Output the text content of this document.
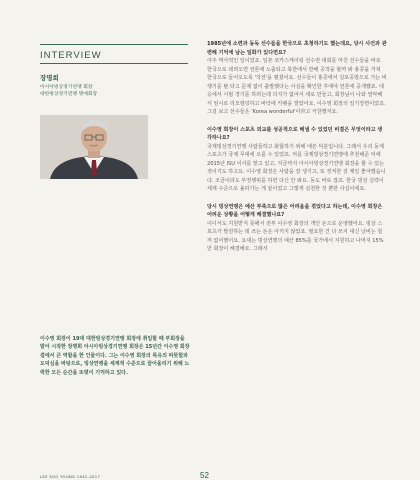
INTERVIEW
장명희
아시아빙상경기연맹 회장
대한빙상경기연맹 명예회장
이수영 회장이 19대 대한빙상경기연맹 회장에 취임할 때 부회장을 맡아 시작한 장명희 아시아빙상경기연맹 회장은 15년간 이수영 회장 곁에서 큰 역할을 한 인물이다. 그는 이수영 회장의 특유의 따뜻함과 도덕심을 바탕으로, 빙상연맹을 세계적 수준으로 끌어올리기 위해 노력한 모든 순간을 또렷이 기억하고 있다.
1985년에 소련과 동독 선수들을 한국으로 초청하기도 했는데요, 당시 사건과 관련해 기억에 남는 일화가 있다면요?
아주 역사적인 일이었죠. 일본 코카스케이팅 선수권 대회를 마친 선수들을 바로 한국으로 데려오면 언론에 노출되고 북한에서 반해 공작을 할까 봐 홍콩을 거쳐 한국으로 들어오도록 '작전'을 펼쳤어요. 선수들이 홍콩에서 김포공항으로 가는 비행기를 탈 타고 문제 없이 출발했다는 사실을 확인한 후에야 언론에 공개했죠. 대응에서 시범 경기를 하려는데 의지가 없어서 새로 만들고, 회장님이 나와 열악해서 임시로 리모델링하고 바닥에 카펫을 깔았어요. 이수영 회장의 일기장면이었죠. 그걸 보고 선수들은 'Korea wonderful'이라고 극찬했지요.
이수영 회장이 스포츠 외교를 성공적으로 해낼 수 있었던 비결은 무엇이라고 생각하나요?
국제빙상경기연맹 사람들하고 화합하기 위해 애쓴 덕분입니다. 그래서 우리 동계스포츠가 국제 무대에 오를 수 있었죠. 저를 국제빙상경기연맹에 추천해준 덕에 2015년 ISU 이사를 맡고 있고, 지금까지 아시아빙상경기연맹 회장을 할 수 있는 것이기도 하고요. 이수영 회장은 사람을 잘 생기고, 또 정직한 걸 제일 좋아했습니다. 조금이라도 부정행위를 하면 다신 안 봐요. 동도 바로 잡죠. 한국 빙상 실력이 세계 수준으로 올라가는 게 끝이었고 그렇게 실천한 것 뿐한 사실이에요.
당시 빙상연맹은 예산 부족으로 많은 어려움을 겪었다고 하는데, 이수영 회장은 어려운 상황을 어떻게 해결했나요?
이디서도 지원받지 못해서 전부 이수영 회장의 개인 돈으로 운영했어요. 빙상 스포츠가 발전하는 데 쓰는 돈은 아끼지 않았죠. 필요한 건 다 쓰지 대신 낭비는 철저 없어했어요. 요새는 빙상연맹의 예산 85%를 국가에서 지원하고 나머지 15%만 회장이 해결해요. 그래서
LEE SOO YOUNG 1942-2017	52
